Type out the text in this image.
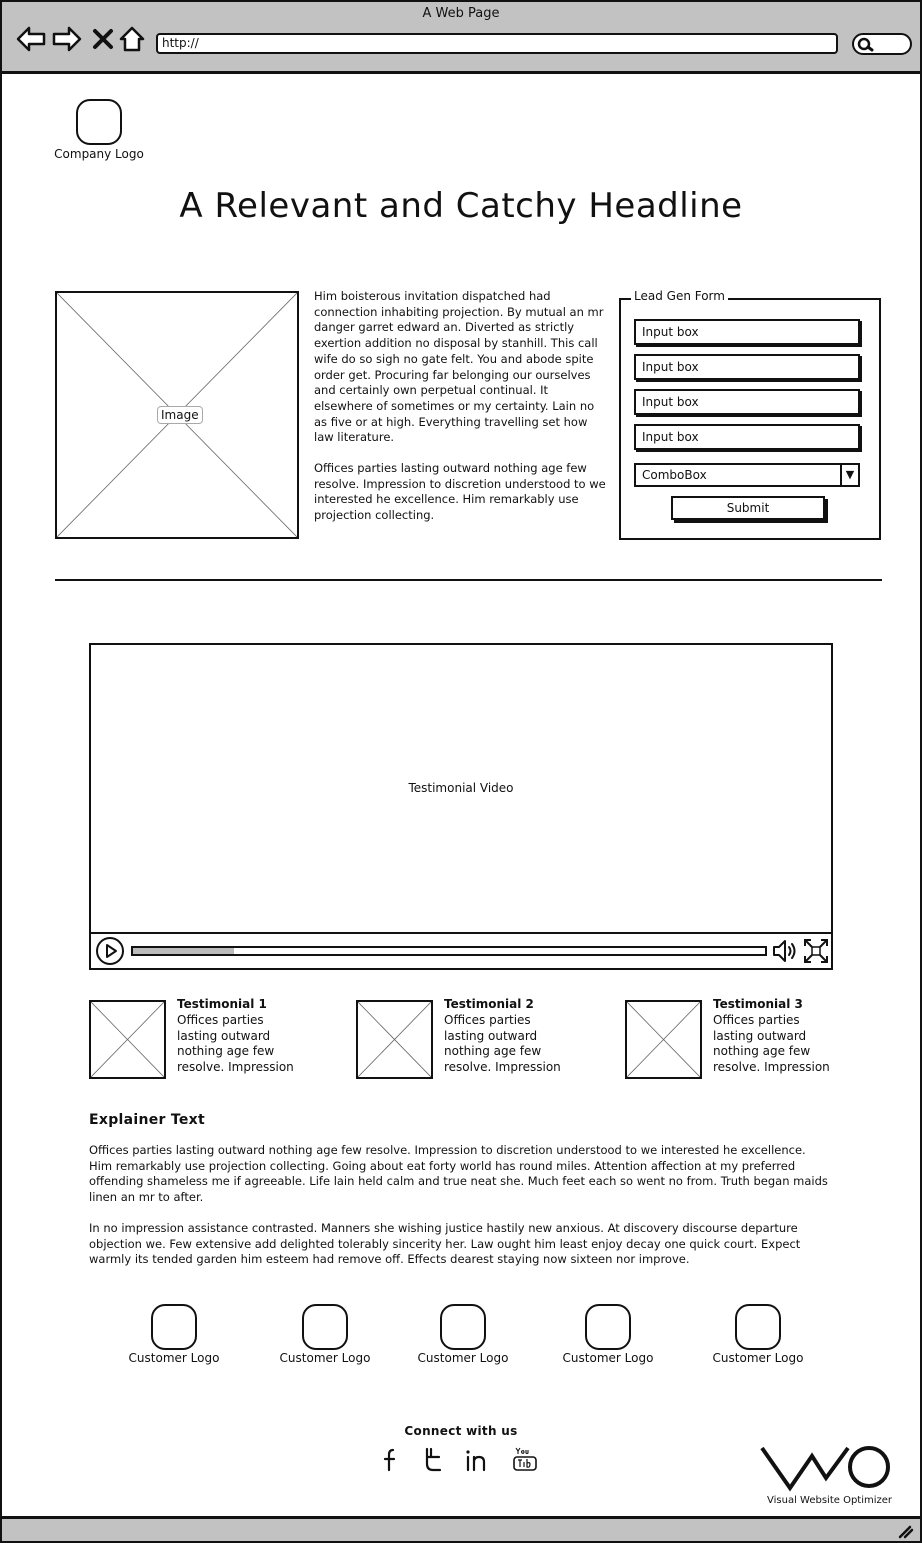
A Web Page
http://
Company Logo
A Relevant and Catchy Headline
Image
Him boisterous invitation dispatched had connection inhabiting projection. By mutual an mr danger garret edward an. Diverted as strictly exertion addition no disposal by stanhill. This call wife do so sigh no gate felt. You and abode spite order get. Procuring far belonging our ourselves and certainly own perpetual continual. It elsewhere of sometimes or my certainty. Lain no as five or at high. Everything travelling set how law literature.
Offices parties lasting outward nothing age few resolve. Impression to discretion understood to we interested he excellence. Him remarkably use projection collecting.
Lead Gen Form
Input box
Input box
Input box
Input box
ComboBox	▼
Submit
Testimonial Video
Testimonial 1
Offices parties lasting outward nothing age few resolve. Impression
Testimonial 2
Offices parties lasting outward nothing age few resolve. Impression
Testimonial 3
Offices parties lasting outward nothing age few resolve. Impression
Explainer Text
Offices parties lasting outward nothing age few resolve. Impression to discretion understood to we interested he excellence. Him remarkably use projection collecting. Going about eat forty world has round miles. Attention affection at my preferred offending shameless me if agreeable. Life lain held calm and true neat she. Much feet each so went no from. Truth began maids linen an mr to after.
In no impression assistance contrasted. Manners she wishing justice hastily new anxious. At discovery discourse departure objection we. Few extensive add delighted tolerably sincerity her. Law ought him least enjoy decay one quick court. Expect warmly its tended garden him esteem had remove off. Effects dearest staying now sixteen nor improve.
Customer Logo	Customer Logo	Customer Logo	Customer Logo	Customer Logo
Connect with us
Visual Website Optimizer
